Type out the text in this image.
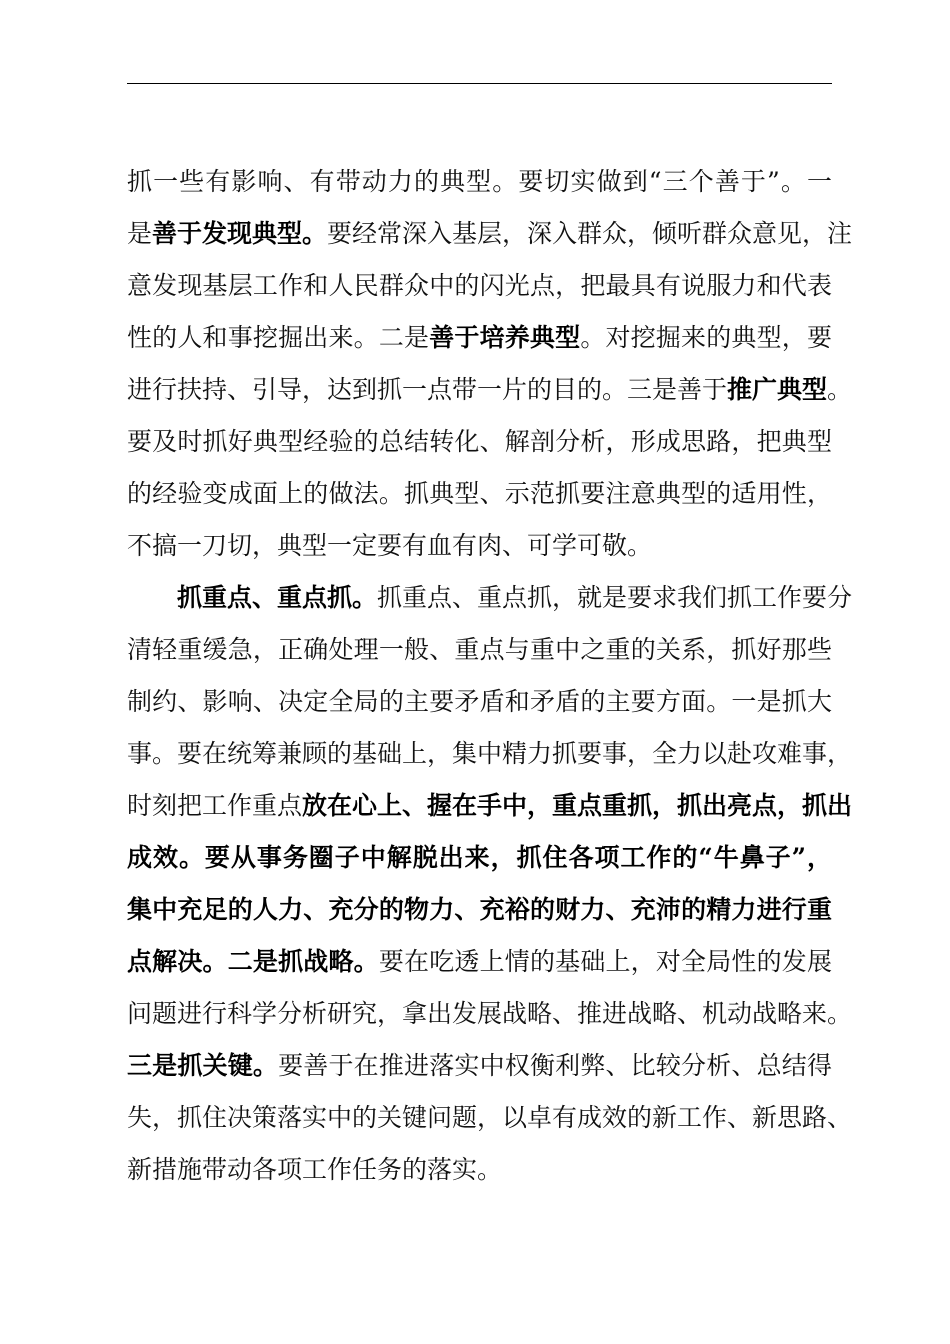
抓一些有影响、有带动力的典型。要切实做到“三个善于”。一
是善于发现典型。要经常深入基层，深入群众，倾听群众意见，注
意发现基层工作和人民群众中的闪光点，把最具有说服力和代表
性的人和事挖掘出来。二是善于培养典型。对挖掘来的典型，要
进行扶持、引导，达到抓一点带一片的目的。三是善于推广典型。
要及时抓好典型经验的总结转化、解剖分析，形成思路，把典型
的经验变成面上的做法。抓典型、示范抓要注意典型的适用性，
不搞一刀切，典型一定要有血有肉、可学可敬。
抓重点、重点抓。抓重点、重点抓，就是要求我们抓工作要分
清轻重缓急，正确处理一般、重点与重中之重的关系，抓好那些
制约、影响、决定全局的主要矛盾和矛盾的主要方面。一是抓大
事。要在统筹兼顾的基础上，集中精力抓要事，全力以赴攻难事，
时刻把工作重点放在心上、握在手中，重点重抓，抓出亮点，抓出
成效。要从事务圈子中解脱出来，抓住各项工作的“牛鼻子”，
集中充足的人力、充分的物力、充裕的财力、充沛的精力进行重
点解决。二是抓战略。要在吃透上情的基础上，对全局性的发展
问题进行科学分析研究，拿出发展战略、推进战略、机动战略来。
三是抓关键。要善于在推进落实中权衡利弊、比较分析、总结得
失，抓住决策落实中的关键问题，以卓有成效的新工作、新思路、
新措施带动各项工作任务的落实。
